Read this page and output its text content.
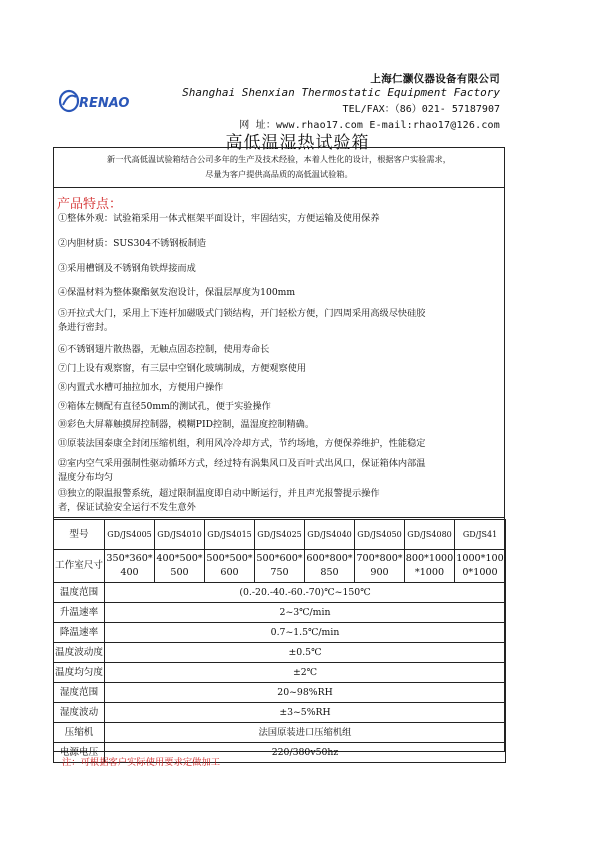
RENAO
上海仁灏仪器设备有限公司
Shanghai Shenxian Thermostatic Equipment Factory
TEL/FAX：（86）021- 57187907
网 址：www.rhao17.com E-mail:rhao17@126.com
高低温湿热试验箱
新一代高低温试验箱结合公司多年的生产及技术经验，本着人性化的设计，根据客户实验需求，
尽量为客户提供高品质的高低温试验箱。
产品特点：
①整体外观：试验箱采用一体式框架平面设计，牢固结实，方便运输及使用保养
②内胆材质：SUS304不锈钢板制造
③采用槽钢及不锈钢角铁焊接而成
④保温材料为整体聚酯氨发泡设计，保温层厚度为100mm
⑤开拉式大门，采用上下连杆加磁吸式门锁结构，开门轻松方便，门四周采用高级尽快硅胶
条进行密封。
⑥不锈钢翅片散热器，无触点固态控制，使用寿命长
⑦门上设有观察窗，有三层中空钢化玻璃制成，方便观察使用
⑧内置式水槽可抽拉加水，方便用户操作
⑨箱体左侧配有直径50mm的测试孔，便于实验操作
⑩彩色大屏幕触摸屏控制器，模糊PID控制，温湿度控制精确。
⑪原装法国泰康全封闭压缩机组，利用风冷冷却方式，节约场地，方便保养维护，性能稳定
⑫室内空气采用强制性驱动循环方式，经过特有涡集风口及百叶式出风口，保证箱体内部温
湿度分布均匀
⑬独立的限温报警系统，超过限制温度即自动中断运行，并且声光报警提示操作
者，保证试验安全运行不发生意外
型号	GD/JS4005	GD/JS4010	GD/JS4015	GD/JS4025	GD/JS4040	GD/JS4050	GD/JS4080	GD/JS41
工作室尺寸	350*360*400	400*500*500	500*500*600	500*600*750	600*800*850	700*800*900	800*1000*1000	1000*1000*1000
温度范围	(0.-20.-40.-60.-70)℃~150℃							
升温速率	2~3℃/min							
降温速率	0.7~1.5℃/min							
温度波动度	±0.5℃							
温度均匀度	±2℃							
湿度范围	20~98%RH							
湿度波动	±3~5%RH							
压缩机	法国原装进口压缩机组							
电源电压	220/380v50hz							
注：可根据客户实际使用要求定做加工
